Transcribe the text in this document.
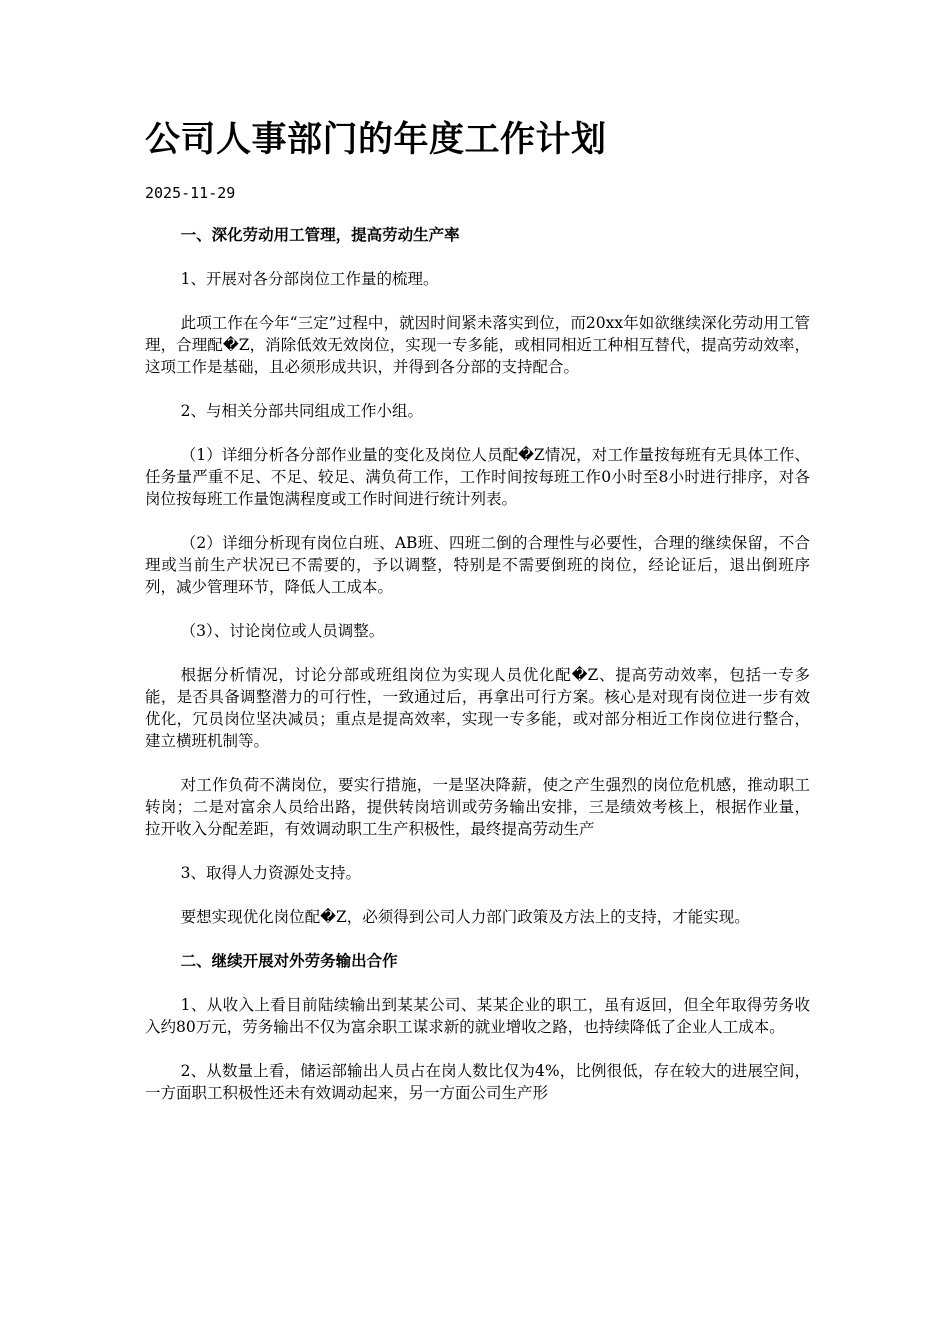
公司人事部门的年度工作计划
2025-11-29

一、深化劳动用工管理，提高劳动生产率

1、开展对各分部岗位工作量的梳理。

此项工作在今年“三定”过程中，就因时间紧未落实到位，而20xx年如欲继续深化劳动用工管理，合理配�Z，消除低效无效岗位，实现一专多能，或相同相近工种相互替代，提高劳动效率，这项工作是基础，且必须形成共识，并得到各分部的支持配合。

2、与相关分部共同组成工作小组。

（1）详细分析各分部作业量的变化及岗位人员配�Z情况，对工作量按每班有无具体工作、任务量严重不足、不足、较足、满负荷工作，工作时间按每班工作0小时至8小时进行排序，对各岗位按每班工作量饱满程度或工作时间进行统计列表。

（2）详细分析现有岗位白班、AB班、四班二倒的合理性与必要性，合理的继续保留，不合理或当前生产状况已不需要的，予以调整，特别是不需要倒班的岗位，经论证后，退出倒班序列，减少管理环节，降低人工成本。

（3）、讨论岗位或人员调整。

根据分析情况，讨论分部或班组岗位为实现人员优化配�Z、提高劳动效率，包括一专多能，是否具备调整潜力的可行性，一致通过后，再拿出可行方案。核心是对现有岗位进一步有效优化，冗员岗位坚决减员；重点是提高效率，实现一专多能，或对部分相近工作岗位进行整合，建立横班机制等。

对工作负荷不满岗位，要实行措施，一是坚决降薪，使之产生强烈的岗位危机感，推动职工转岗；二是对富余人员给出路，提供转岗培训或劳务输出安排，三是绩效考核上，根据作业量，拉开收入分配差距，有效调动职工生产积极性，最终提高劳动生产

3、取得人力资源处支持。

要想实现优化岗位配�Z，必须得到公司人力部门政策及方法上的支持，才能实现。

二、继续开展对外劳务输出合作

1、从收入上看目前陆续输出到某某公司、某某企业的职工，虽有返回，但全年取得劳务收入约80万元，劳务输出不仅为富余职工谋求新的就业增收之路，也持续降低了企业人工成本。

2、从数量上看，储运部输出人员占在岗人数比仅为4%，比例很低，存在较大的进展空间，一方面职工积极性还未有效调动起来，另一方面公司生产形
